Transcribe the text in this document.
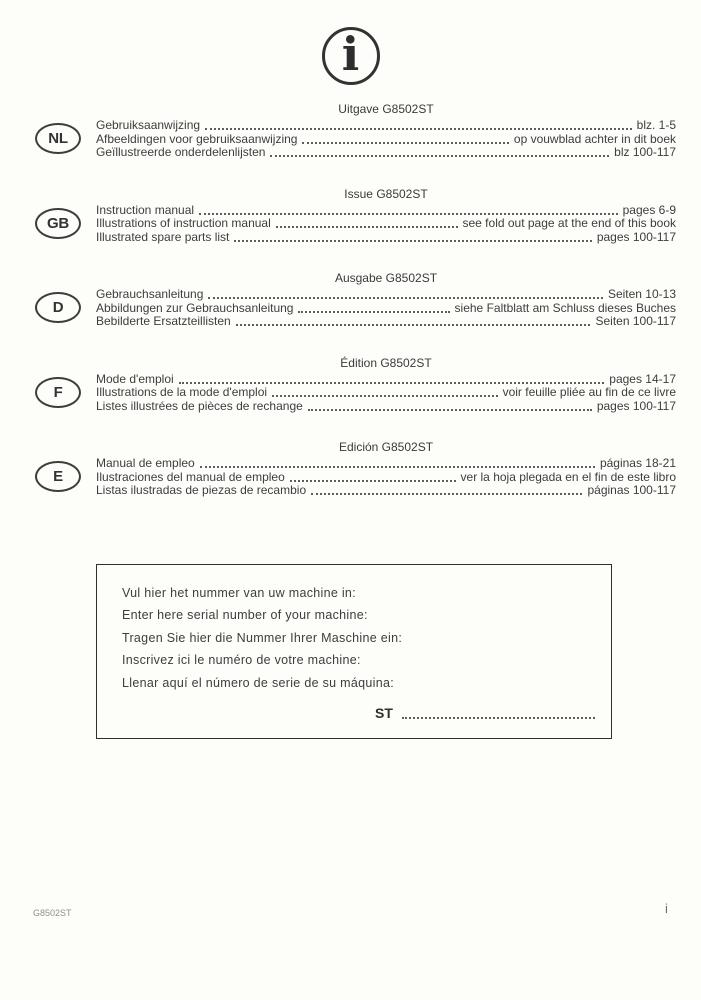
i
Uitgave G8502ST
NL
Gebruiksaanwijzing	blz. 1-5
Afbeeldingen voor gebruiksaanwijzing	op vouwblad achter in dit boek
Geïllustreerde onderdelenlijsten	blz 100-117
Issue G8502ST
GB
Instruction manual	pages 6-9
Illustrations of instruction manual	see fold out page at the end of this book
Illustrated spare parts list	pages 100-117
Ausgabe G8502ST
D
Gebrauchsanleitung	Seiten 10-13
Abbildungen zur Gebrauchsanleitung	siehe Faltblatt am Schluss dieses Buches
Bebilderte Ersatzteillisten	Seiten 100-117
Édition G8502ST
F
Mode d'emploi	pages 14-17
Illustrations de la mode d'emploi	voir feuille pliée au fin de ce livre
Listes illustrées de pièces de rechange	pages 100-117
Edición G8502ST
E
Manual de empleo	páginas 18-21
Ilustraciones del manual de empleo	ver la hoja plegada en el fin de este libro
Listas ilustradas de piezas de recambio	páginas 100-117
Vul hier het nummer van uw machine in:
Enter here serial number of your machine:
Tragen Sie hier die Nummer Ihrer Maschine ein:
Inscrivez ici le numéro de votre machine:
Llenar aquí el número de serie de su máquina:
ST
G8502ST	i
